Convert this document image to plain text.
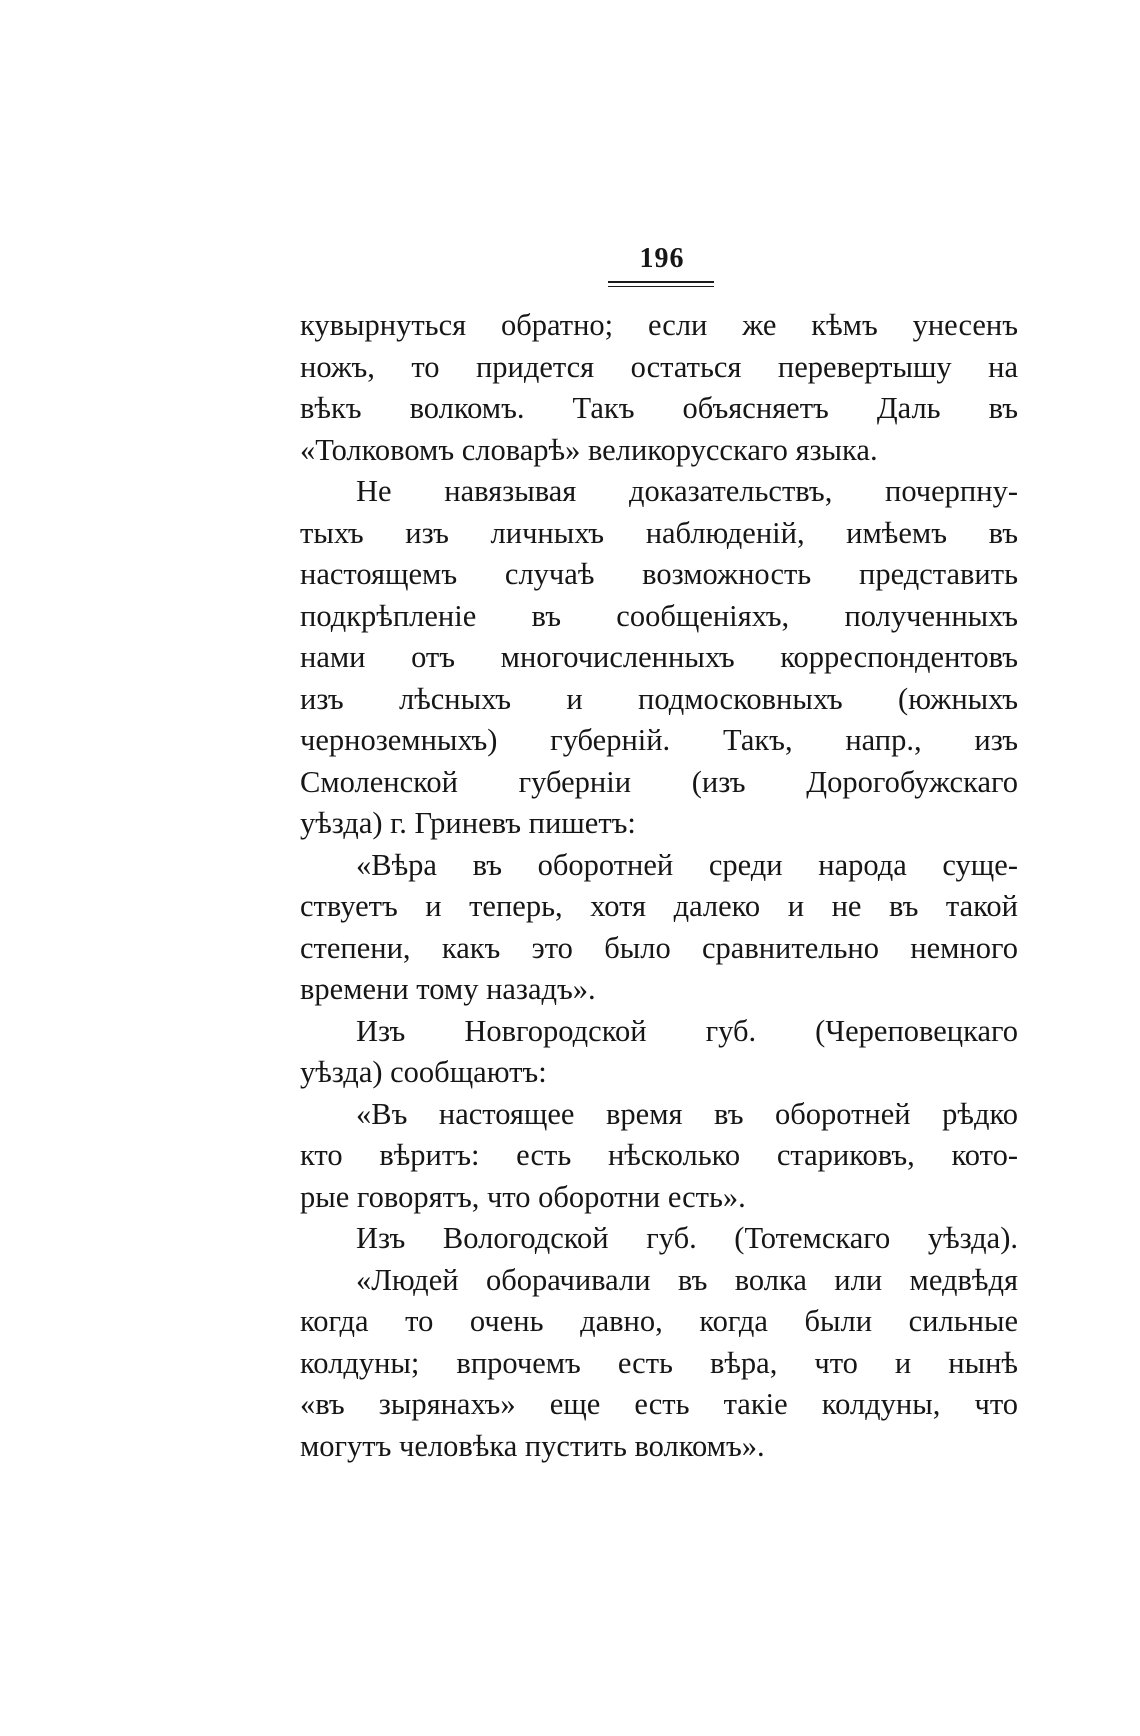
196
кувырнуться обратно; если же кѣмъ унесенъ
ножъ, то придется остаться перевертышу на
вѣкъ волкомъ. Такъ объясняетъ Даль въ
«Толковомъ словарѣ» великорусскаго языка.
Не навязывая доказательствъ, почерпну-
тыхъ изъ личныхъ наблюденій, имѣемъ въ
настоящемъ случаѣ возможность представить
подкрѣпленіе въ сообщеніяхъ, полученныхъ
нами отъ многочисленныхъ корреспондентовъ
изъ лѣсныхъ и подмосковныхъ (южныхъ
черноземныхъ) губерній. Такъ, напр., изъ
Смоленской губерніи (изъ Дорогобужскаго
уѣзда) г. Гриневъ пишетъ:
«Вѣра въ оборотней среди народа суще-
ствуетъ и теперь, хотя далеко и не въ такой
степени, какъ это было сравнительно немного
времени тому назадъ».
Изъ Новгородской губ. (Череповецкаго
уѣзда) сообщаютъ:
«Въ настоящее время въ оборотней рѣдко
кто вѣритъ: есть нѣсколько стариковъ, кото-
рые говорятъ, что оборотни есть».
Изъ Вологодской губ. (Тотемскаго уѣзда).
«Людей оборачивали въ волка или медвѣдя
когда то очень давно, когда были сильные
колдуны; впрочемъ есть вѣра, что и нынѣ
«въ зырянахъ» еще есть такіе колдуны, что
могутъ человѣка пустить волкомъ».
